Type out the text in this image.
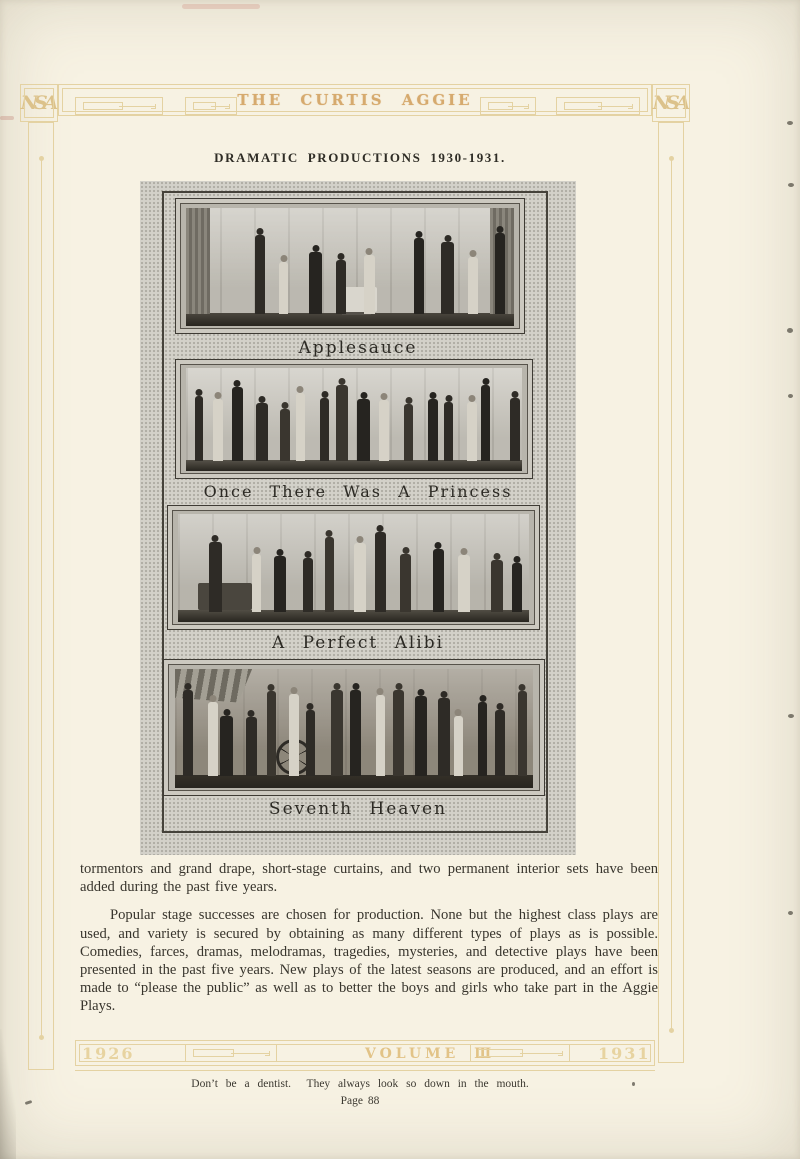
NSA	NSA
THE CURTIS AGGIE
1926	VOLUME Ⅲ	1931
DRAMATIC PRODUCTIONS 1930-1931.
Applesauce
Once There Was A Princess
A Perfect Alibi
Seventh Heaven

tormentors and grand drape, short-stage curtains, and two permanent interior sets have been added during the past five years.

Popular stage successes are chosen for production. None but the highest class plays are used, and variety is secured by obtaining as many different types of plays as is possible. Comedies, farces, dramas, melodramas, tragedies, mysteries, and detective plays have been presented in the past five years. New plays of the latest seasons are produced, and an effort is made to “please the public” as well as to better the boys and girls who take part in the Aggie Plays.

Don’t be a dentist.  They always look so down in the mouth.
Page 88
